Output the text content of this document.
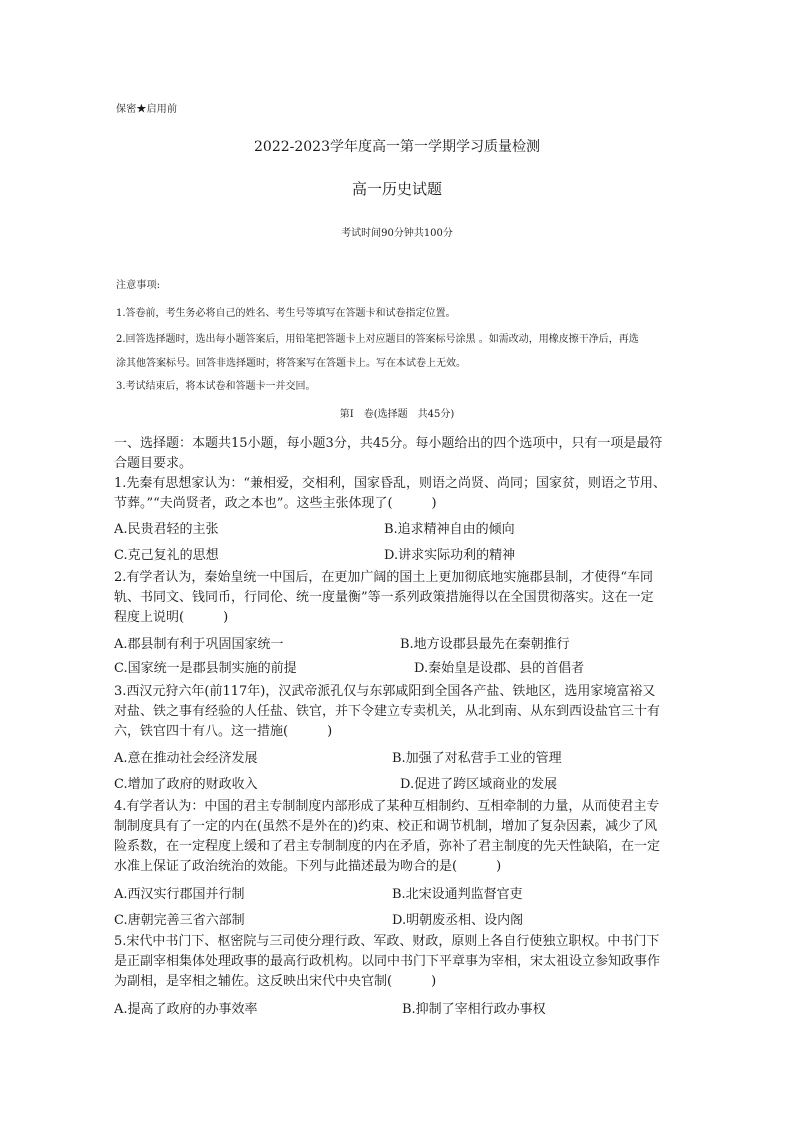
保密★启用前
2022-2023学年度高一第一学期学习质量检测
高一历史试题
考试时间90分钟共100分
注意事项:
1.答卷前，考生务必将自己的姓名、考生号等填写在答题卡和试卷指定位置。
2.回答选择题时，选出每小题答案后，用铅笔把答题卡上对应题目的答案标号涂黑 。如需改动，用橡皮擦干净后，再选
涂其他答案标号。回答非选择题时，将答案写在答题卡上。写在本试卷上无效。
3.考试结束后，将本试卷和答题卡一并交回。
第Ⅰ　卷(选择题　共45分)
一、选择题：本题共15小题，每小题3分，共45分。每小题给出的四个选项中，只有一项是最符
合题目要求。
1.先秦有思想家认为：“兼相爱，交相利，国家昏乱，则语之尚贤、尚同；国家贫，则语之节用、
节葬。”“夫尚贤者，政之本也”。这些主张体现了(　　　)
A.民贵君轻的主张	B.追求精神自由的倾向
C.克己复礼的思想	D.讲求实际功利的精神
2.有学者认为，秦始皇统一中国后，在更加广阔的国土上更加彻底地实施郡县制，才使得“车同
轨、书同文、钱同币，行同伦、统一度量衡”等一系列政策措施得以在全国贯彻落实。这在一定
程度上说明(　　　)
A.郡县制有利于巩固国家统一	B.地方设郡县最先在秦朝推行
C.国家统一是郡县制实施的前提	D.秦始皇是设郡、县的首倡者
3.西汉元狩六年(前117年)，汉武帝派孔仅与东郭咸阳到全国各产盐、铁地区，选用家境富裕又
对盐、铁之事有经验的人任盐、铁官，并下令建立专卖机关，从北到南、从东到西设盐官三十有
六，铁官四十有八。这一措施(　　　)
A.意在推动社会经济发展	B.加强了对私营手工业的管理
C.增加了政府的财政收入	D.促进了跨区域商业的发展
4.有学者认为：中国的君主专制制度内部形成了某种互相制约、互相牵制的力量，从而使君主专
制制度具有了一定的内在(虽然不是外在的)约束、校正和调节机制，增加了复杂因素，减少了风
险系数，在一定程度上缓和了君主专制制度的内在矛盾，弥补了君主制度的先天性缺陷，在一定
水准上保证了政治统治的效能。下列与此描述最为吻合的是(　　　)
A.西汉实行郡国并行制	B.北宋设通判监督官吏
C.唐朝完善三省六部制	D.明朝废丞相、设内阁
5.宋代中书门下、枢密院与三司使分理行政、军政、财政，原则上各自行使独立职权。中书门下
是正副宰相集体处理政事的最高行政机构。以同中书门下平章事为宰相，宋太祖设立参知政事作
为副相，是宰相之辅佐。这反映出宋代中央官制(　　　)
A.提高了政府的办事效率	B.抑制了宰相行政办事权
